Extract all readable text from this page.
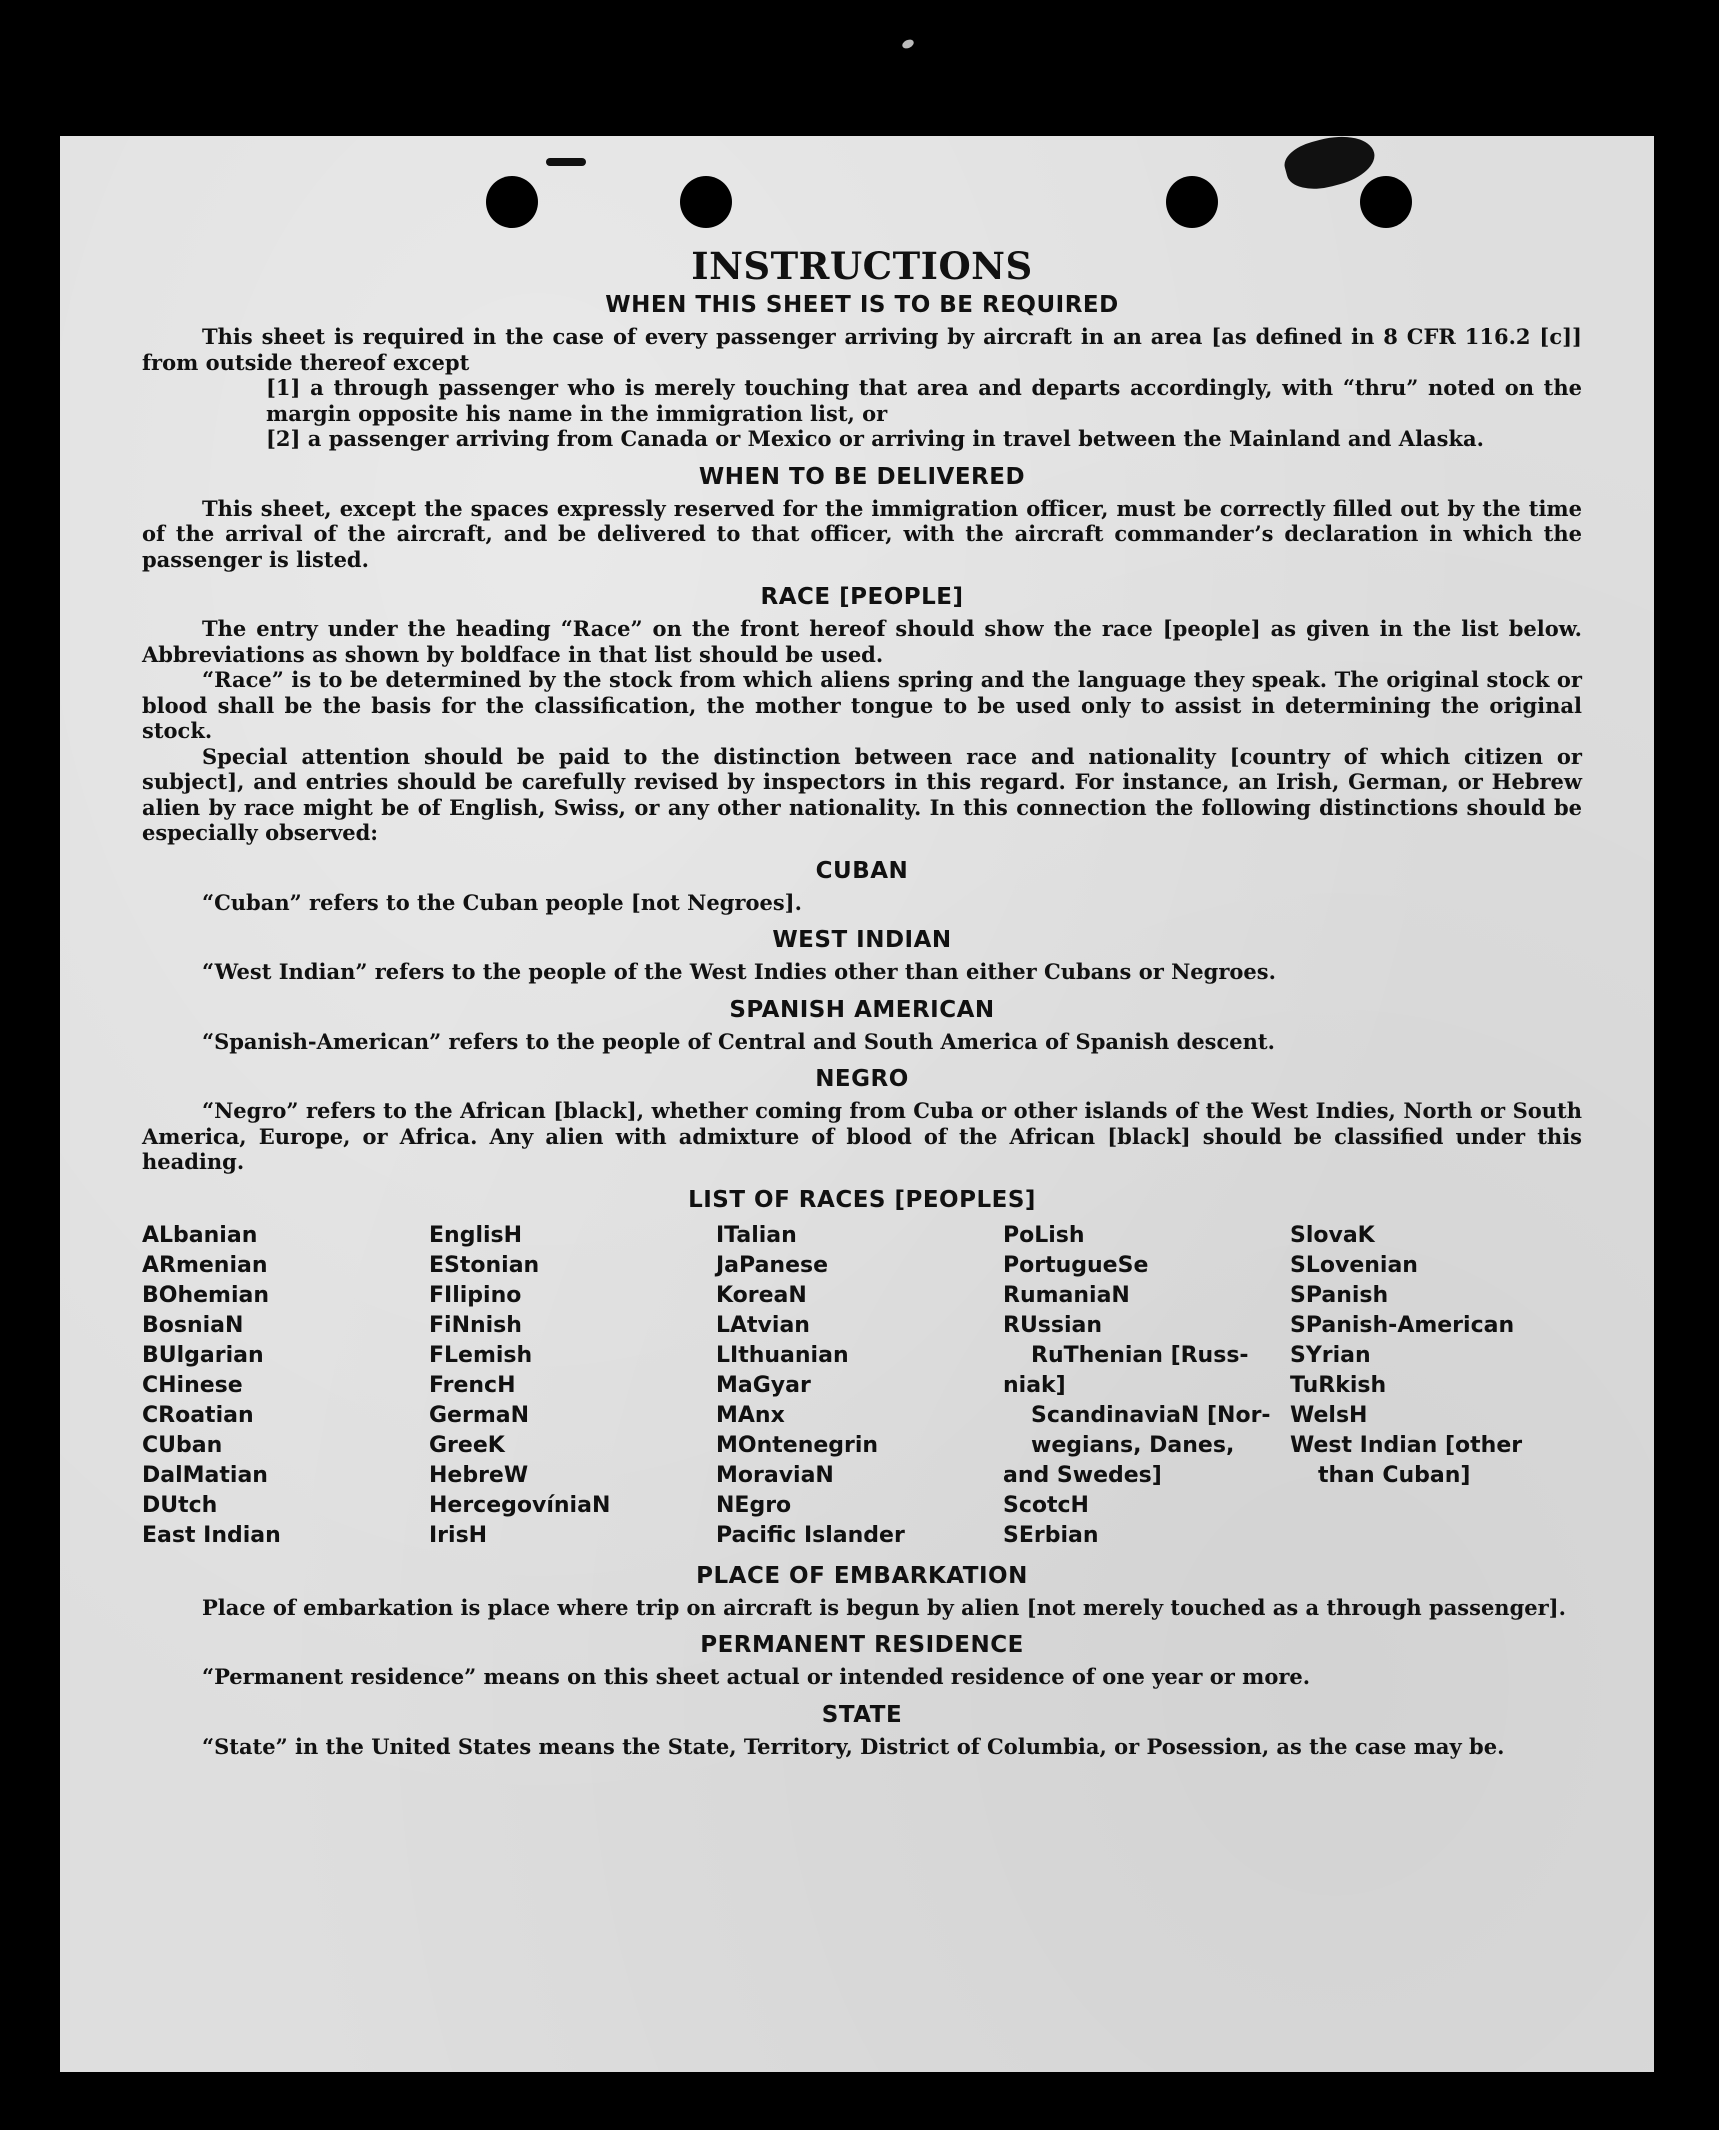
INSTRUCTIONS
WHEN THIS SHEET IS TO BE REQUIRED

This sheet is required in the case of every passenger arriving by aircraft in an area [as defined in 8 CFR 116.2 [c]] from outside thereof except

[1] a through passenger who is merely touching that area and departs accordingly, with “thru” noted on the margin opposite his name in the immigration list, or

[2] a passenger arriving from Canada or Mexico or arriving in travel between the Mainland and Alaska.

WHEN TO BE DELIVERED

This sheet, except the spaces expressly reserved for the immigration officer, must be correctly filled out by the time of the arrival of the aircraft, and be delivered to that officer, with the aircraft commander’s declaration in which the passenger is listed.

RACE [PEOPLE]

The entry under the heading “Race” on the front hereof should show the race [people] as given in the list below. Abbreviations as shown by boldface in that list should be used.

“Race” is to be determined by the stock from which aliens spring and the language they speak. The original stock or blood shall be the basis for the classification, the mother tongue to be used only to assist in determining the original stock.

Special attention should be paid to the distinction between race and nationality [country of which citizen or subject], and entries should be carefully revised by inspectors in this regard. For instance, an Irish, German, or Hebrew alien by race might be of English, Swiss, or any other nationality. In this connection the following distinctions should be especially observed:

CUBAN

“Cuban” refers to the Cuban people [not Negroes].

WEST INDIAN

“West Indian” refers to the people of the West Indies other than either Cubans or Negroes.

SPANISH AMERICAN

“Spanish-American” refers to the people of Central and South America of Spanish descent.

NEGRO

“Negro” refers to the African [black], whether coming from Cuba or other islands of the West Indies, North or South America, Europe, or Africa. Any alien with admixture of blood of the African [black] should be classified under this heading.

LIST OF RACES [PEOPLES]
ALbanian
ARmenian
BOhemian
BosniaN
BUlgarian
CHinese
CRoatian
CUban
DalMatian
DUtch
East Indian
EnglisH
EStonian
FIlipino
FiNnish
FLemish
FrencH
GermaN
GreeK
HebreW
HercegovíniaN
IrisH
ITalian
JaPanese
KoreaN
LAtvian
LIthuanian
MaGyar
MAnx
MOntenegrin
MoraviaN
NEgro
Pacific Islander
PoLish
PortugueSe
RumaniaN
RUssian
RuThenian [Russ-
niak]
ScandinaviaN [Nor-
wegians, Danes,
and Swedes]
ScotcH
SErbian
SlovaK
SLovenian
SPanish
SPanish-American
SYrian
TuRkish
WelsH
West Indian [other
than Cuban]
PLACE OF EMBARKATION

Place of embarkation is place where trip on aircraft is begun by alien [not merely touched as a through passenger].

PERMANENT RESIDENCE

“Permanent residence” means on this sheet actual or intended residence of one year or more.

STATE

“State” in the United States means the State, Territory, District of Columbia, or Posession, as the case may be.
